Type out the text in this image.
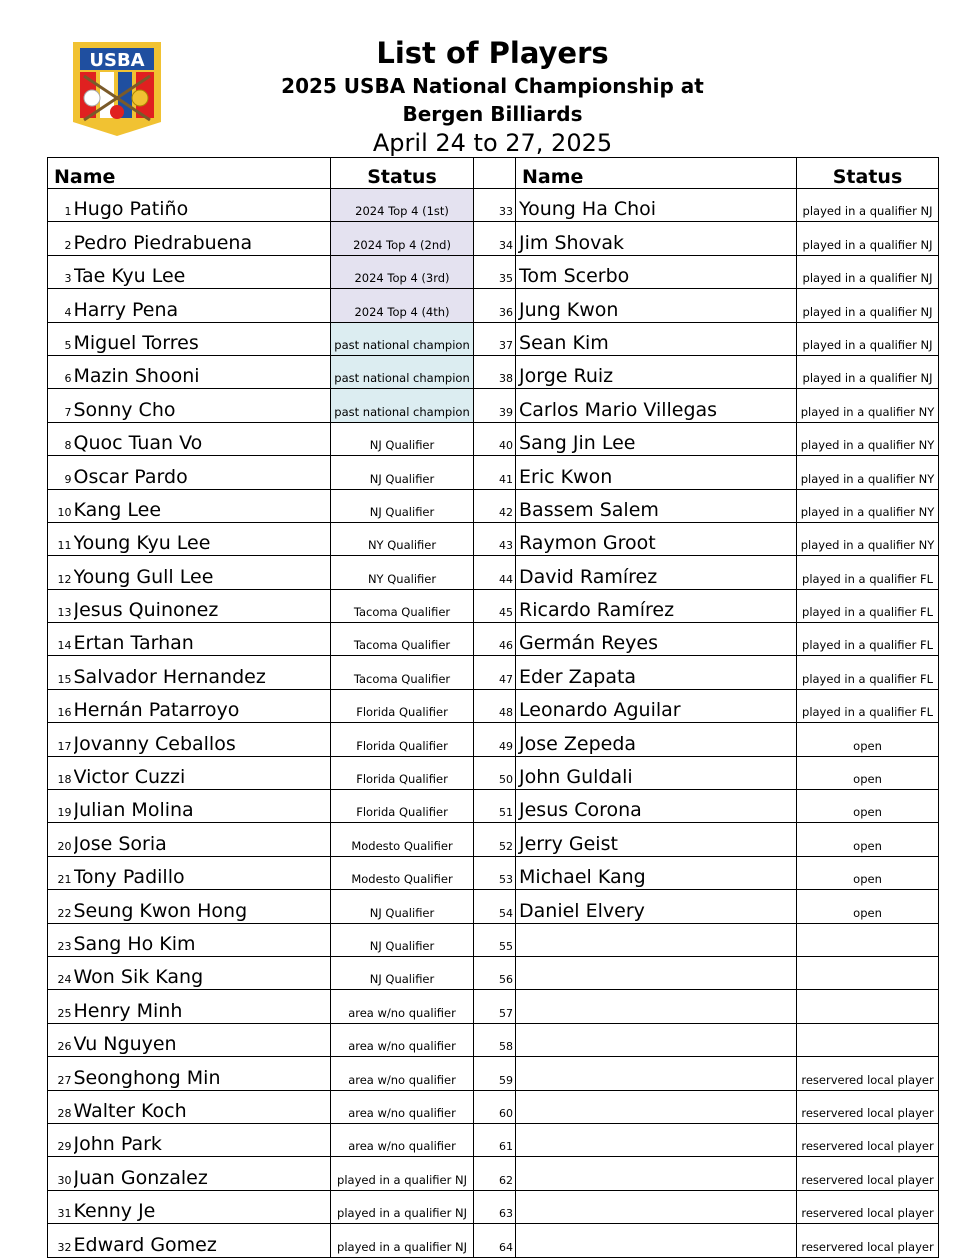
USBA	List of Players
2025 USBA National Championship at Bergen Billiards
April 24 to 27, 2025
Name		Status		Name	Status
1	Hugo Patiño	2024 Top 4 (1st)	33	Young Ha Choi	played in a qualifier NJ
2	Pedro Piedrabuena	2024 Top 4 (2nd)	34	Jim Shovak	played in a qualifier NJ
3	Tae Kyu Lee	2024 Top 4 (3rd)	35	Tom Scerbo	played in a qualifier NJ
4	Harry Pena	2024 Top 4 (4th)	36	Jung Kwon	played in a qualifier NJ
5	Miguel Torres	past national champion	37	Sean Kim	played in a qualifier NJ
6	Mazin Shooni	past national champion	38	Jorge Ruiz	played in a qualifier NJ
7	Sonny Cho	past national champion	39	Carlos Mario Villegas	played in a qualifier NY
8	Quoc Tuan Vo	NJ Qualifier	40	Sang Jin Lee	played in a qualifier NY
9	Oscar Pardo	NJ Qualifier	41	Eric Kwon	played in a qualifier NY
10	Kang Lee	NJ Qualifier	42	Bassem Salem	played in a qualifier NY
11	Young Kyu Lee	NY Qualifier	43	Raymon Groot	played in a qualifier NY
12	Young Gull Lee	NY Qualifier	44	David Ramírez	played in a qualifier FL
13	Jesus Quinonez	Tacoma Qualifier	45	Ricardo Ramírez	played in a qualifier FL
14	Ertan Tarhan	Tacoma Qualifier	46	Germán Reyes	played in a qualifier FL
15	Salvador Hernandez	Tacoma Qualifier	47	Eder Zapata	played in a qualifier FL
16	Hernán Patarroyo	Florida Qualifier	48	Leonardo Aguilar	played in a qualifier FL
17	Jovanny Ceballos	Florida Qualifier	49	Jose Zepeda	open
18	Victor Cuzzi	Florida Qualifier	50	John Guldali	open
19	Julian Molina	Florida Qualifier	51	Jesus Corona	open
20	Jose Soria	Modesto Qualifier	52	Jerry Geist	open
21	Tony Padillo	Modesto Qualifier	53	Michael Kang	open
22	Seung Kwon Hong	NJ Qualifier	54	Daniel Elvery	open
23	Sang Ho Kim	NJ Qualifier	55		
24	Won Sik Kang	NJ Qualifier	56		
25	Henry Minh	area w/no qualifier	57		
26	Vu Nguyen	area w/no qualifier	58		
27	Seonghong Min	area w/no qualifier	59		reservered local player
28	Walter Koch	area w/no qualifier	60		reservered local player
29	John Park	area w/no qualifier	61		reservered local player
30	Juan Gonzalez	played in a qualifier NJ	62		reservered local player
31	Kenny Je	played in a qualifier NJ	63		reservered local player
32	Edward Gomez	played in a qualifier NJ	64		reservered local player
